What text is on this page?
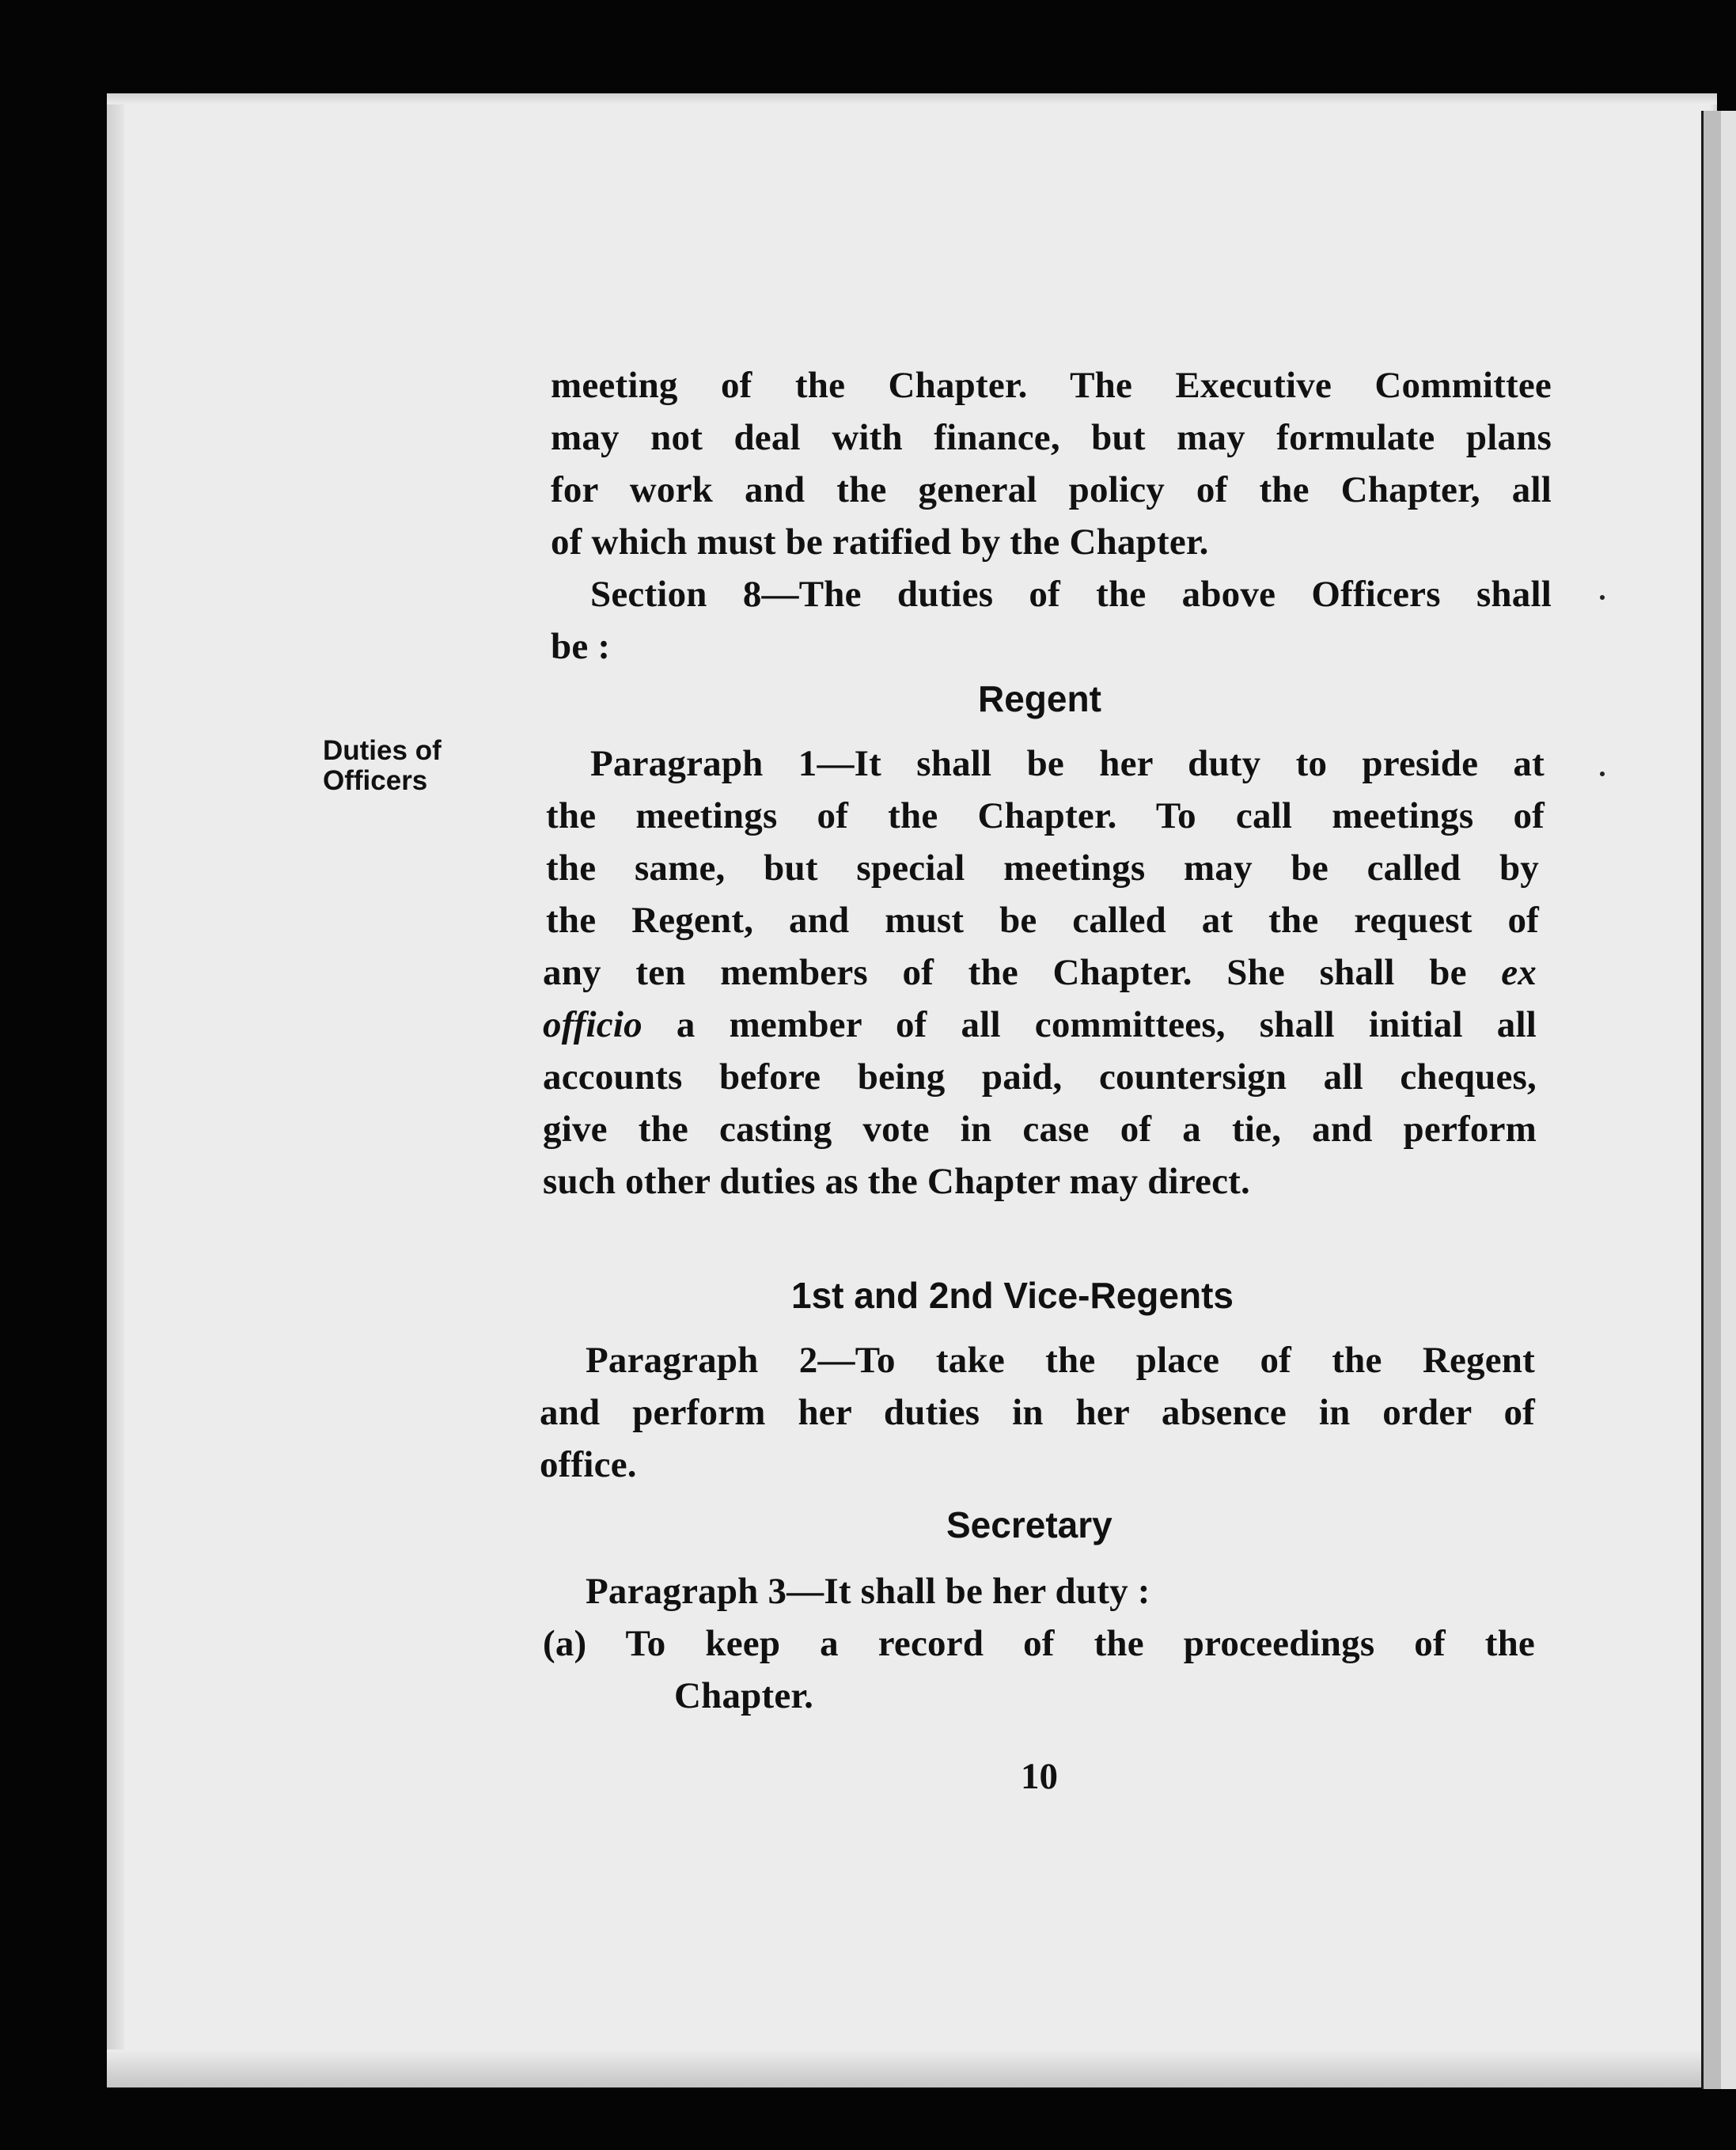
Duties of
Officers
meeting of the Chapter. The Executive Committee
may not deal with finance, but may formulate plans
for work and the general policy of the Chapter, all
of which must be ratified by the Chapter.
Section 8—The duties of the above Officers shall
be :
Regent
Paragraph 1—It shall be her duty to preside at
the meetings of the Chapter. To call meetings of
the same, but special meetings may be called by
the Regent, and must be called at the request of
any ten members of the Chapter. She shall be ex
officio a member of all committees, shall initial all
accounts before being paid, countersign all cheques,
give the casting vote in case of a tie, and perform
such other duties as the Chapter may direct.
1st and 2nd Vice-Regents
Paragraph 2—To take the place of the Regent
and perform her duties in her absence in order of
office.
Secretary
Paragraph 3—It shall be her duty :
(a) To keep a record of the proceedings of the
Chapter.
10
